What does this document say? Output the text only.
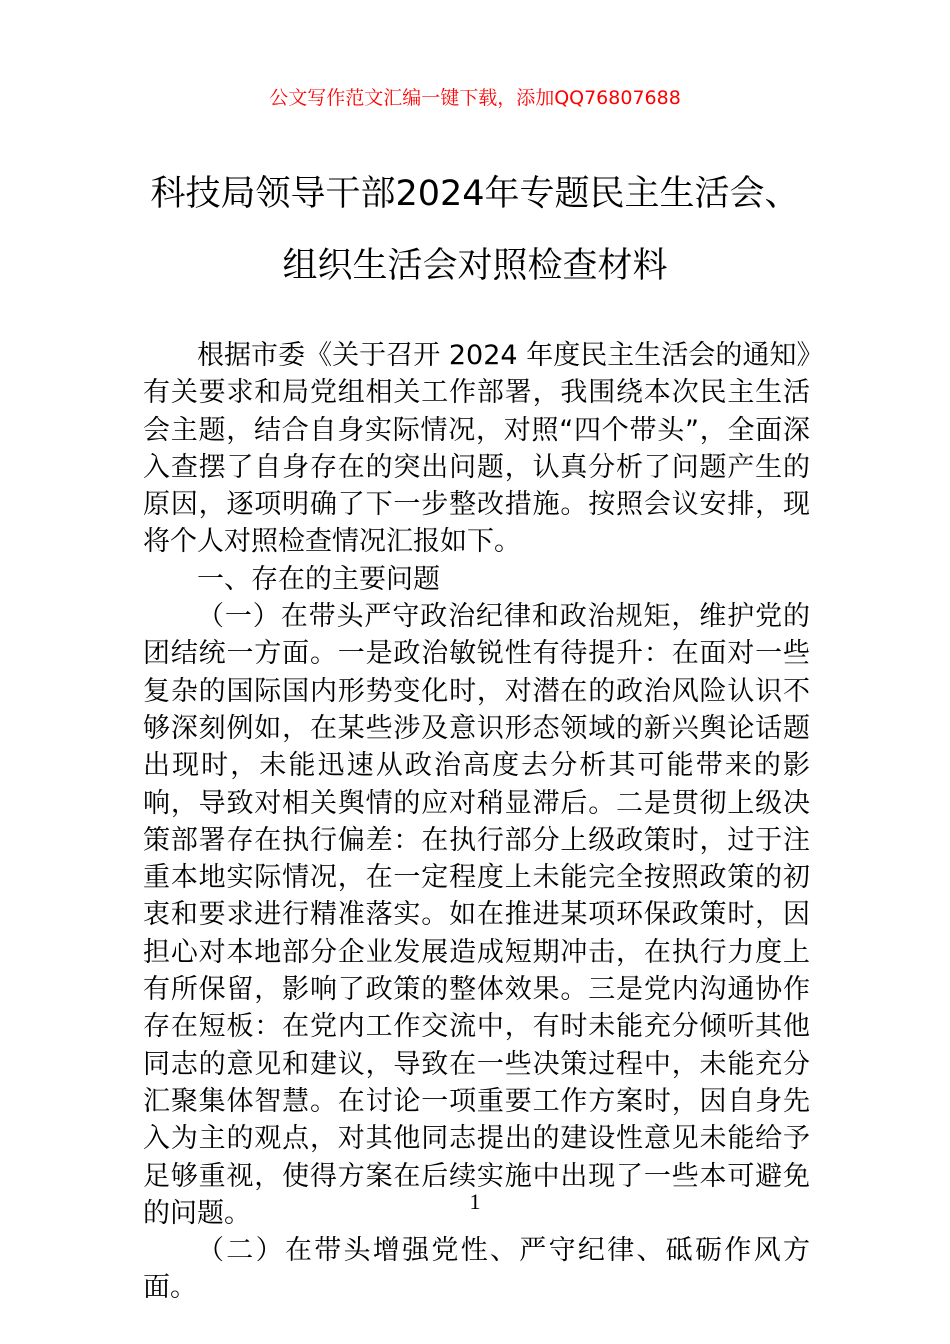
公文写作范文汇编一键下载，添加QQ76807688
科技局领导干部2024年专题民主生活会、
组织生活会对照检查材料

根据市委《关于召开 2024 年度民主生活会的通知》有关要求和局党组相关工作部署，我围绕本次民主生活会主题，结合自身实际情况，对照“四个带头”，全面深入查摆了自身存在的突出问题，认真分析了问题产生的原因，逐项明确了下一步整改措施。按照会议安排，现将个人对照检查情况汇报如下。

一、存在的主要问题

（一）在带头严守政治纪律和政治规矩，维护党的团结统一方面。一是政治敏锐性有待提升：在面对一些复杂的国际国内形势变化时，对潜在的政治风险认识不够深刻例如，在某些涉及意识形态领域的新兴舆论话题出现时，未能迅速从政治高度去分析其可能带来的影响，导致对相关舆情的应对稍显滞后。二是贯彻上级决策部署存在执行偏差：在执行部分上级政策时，过于注重本地实际情况，在一定程度上未能完全按照政策的初衷和要求进行精准落实。如在推进某项环保政策时，因担心对本地部分企业发展造成短期冲击，在执行力度上有所保留，影响了政策的整体效果。三是党内沟通协作存在短板：在党内工作交流中，有时未能充分倾听其他同志的意见和建议，导致在一些决策过程中，未能充分汇聚集体智慧。在讨论一项重要工作方案时，因自身先入为主的观点，对其他同志提出的建设性意见未能给予足够重视，使得方案在后续实施中出现了一些本可避免的问题。

（二）在带头增强党性、严守纪律、砥砺作风方面。

1
